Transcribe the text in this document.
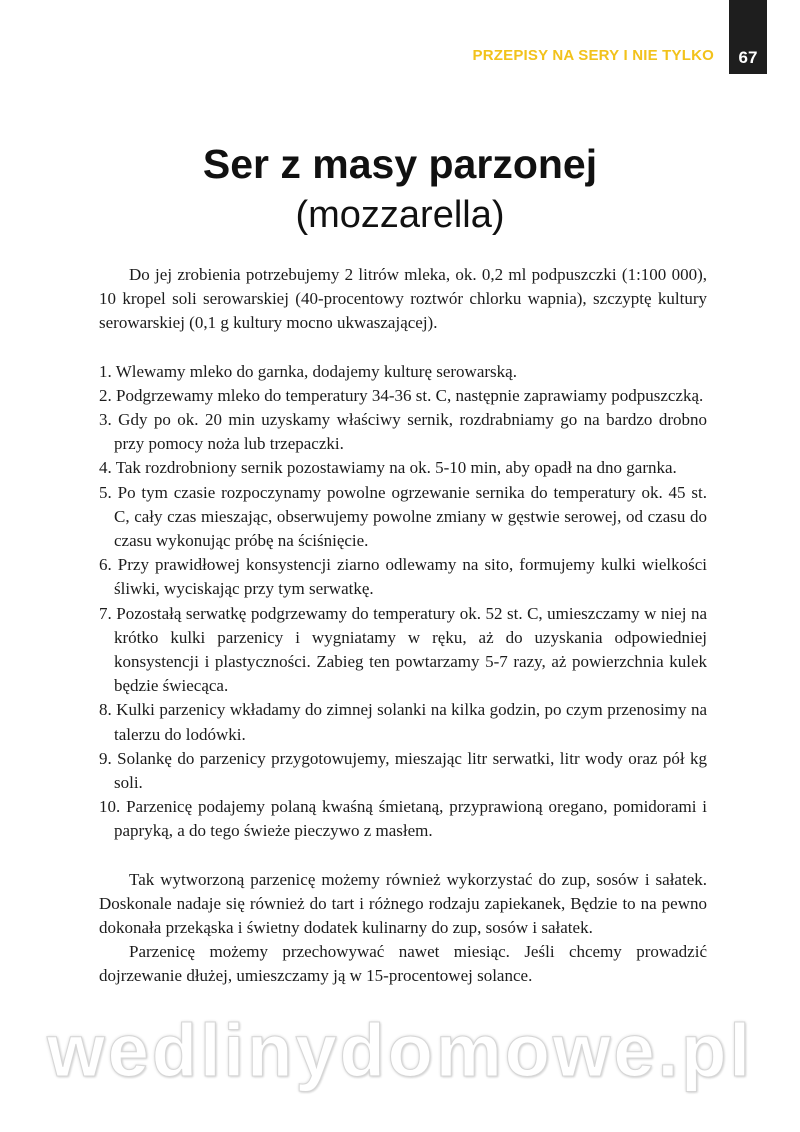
PRZEPISY NA SERY I NIE TYLKO	67
Ser z masy parzonej
(mozzarella)

Do jej zrobienia potrzebujemy 2 litrów mleka, ok. 0,2 ml podpuszczki (1:100 000), 10 kropel soli serowarskiej (40-procentowy roztwór chlorku wapnia), szczyptę kultury serowarskiej (0,1 g kultury mocno ukwaszającej).

1. Wlewamy mleko do garnka, dodajemy kulturę serowarską.
2. Podgrzewamy mleko do temperatury 34-36 st. C, następnie zaprawiamy podpuszczką.
3. Gdy po ok. 20 min uzyskamy właściwy sernik, rozdrabniamy go na bardzo drobno przy pomocy noża lub trzepaczki.
4. Tak rozdrobniony sernik pozostawiamy na ok. 5-10 min, aby opadł na dno garnka.
5. Po tym czasie rozpoczynamy powolne ogrzewanie sernika do temperatury ok. 45 st. C, cały czas mieszając, obserwujemy powolne zmiany w gęstwie serowej, od czasu do czasu wykonując próbę na ściśnięcie.
6. Przy prawidłowej konsystencji ziarno odlewamy na sito, formujemy kulki wielkości śliwki, wyciskając przy tym serwatkę.
7. Pozostałą serwatkę podgrzewamy do temperatury ok. 52 st. C, umieszczamy w niej na krótko kulki parzenicy i wygniatamy w ręku, aż do uzyskania odpowiedniej konsystencji i plastyczności. Zabieg ten powtarzamy 5-7 razy, aż powierzchnia kulek będzie świecąca.
8. Kulki parzenicy wkładamy do zimnej solanki na kilka godzin, po czym przenosimy na talerzu do lodówki.
9. Solankę do parzenicy przygotowujemy, mieszając litr serwatki, litr wody oraz pół kg soli.
10. Parzenicę podajemy polaną kwaśną śmietaną, przyprawioną oregano, pomidorami i papryką, a do tego świeże pieczywo z masłem.

Tak wytworzoną parzenicę możemy również wykorzystać do zup, sosów i sałatek. Doskonale nadaje się również do tart i różnego rodzaju zapiekanek, Będzie to na pewno dokonała przekąska i świetny dodatek kulinarny do zup, sosów i sałatek.

Parzenicę możemy przechowywać nawet miesiąc. Jeśli chcemy prowadzić dojrzewanie dłużej, umieszczamy ją w 15-procentowej solance.

wedlinydomowe.pl
